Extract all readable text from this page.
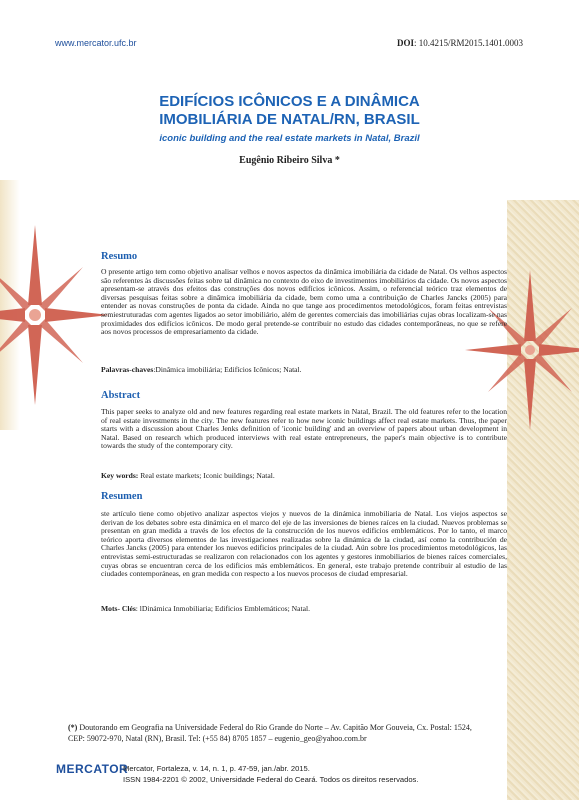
www.mercator.ufc.br	DOI: 10.4215/RM2015.1401.0003
EDIFÍCIOS ICÔNICOS E A DINÂMICA
IMOBILIÁRIA DE NATAL/RN, BRASIL
iconic building and the real estate markets in Natal, Brazil
Eugênio Ribeiro Silva *
Resumo

O presente artigo tem como objetivo analisar velhos e novos aspectos da dinâmica imobiliária da cidade de Natal. Os velhos aspectos são referentes às discussões feitas sobre tal dinâmica no contexto do eixo de investimentos imobiliários da cidade. Os novos aspectos apresentam-se através dos efeitos das construções dos novos edifícios icônicos. Assim, o referencial teórico traz elementos de diversas pesquisas feitas sobre a dinâmica imobiliária da cidade, bem como uma a contribuição de Charles Jancks (2005) para entender as novas construções de ponta da cidade. Ainda no que tange aos procedimentos metodológicos, foram feitas entrevistas semiestruturadas com agentes ligados ao setor imobiliário, além de gerentes comerciais das imobiliárias cujas obras localizam-se nas proximidades dos edifícios icônicos. De modo geral pretende-se contribuir no estudo das cidades contemporâneas, no que se refere aos novos processos de empresariamento da cidade.

Palavras-chaves:Dinâmica imobiliária; Edifícios Icônicos; Natal.
Abstract

This paper seeks to analyze old and new features regarding real estate markets in Natal, Brazil. The old features refer to the location of real estate investments in the city. The new features refer to how new iconic buildings affect real estate markets. Thus, the paper starts with a discussion about Charles Jenks definition of 'iconic building' and an overview of papers about urban development in Natal. Based on research which produced interviews with real estate entrepreneurs, the paper's main objective is to contribute towards the study of the contemporary city.

Key words: Real estate markets; Iconic buildings; Natal.
Resumen

ste artículo tiene como objetivo analizar aspectos viejos y nuevos de la dinámica inmobiliaria de Natal. Los viejos aspectos se derivan de los debates sobre esta dinámica en el marco del eje de las inversiones de bienes raíces en la ciudad. Nuevos problemas se presentan en gran medida a través de los efectos de la construcción de los nuevos edificios emblemáticos. Por lo tanto, el marco teórico aporta diversos elementos de las investigaciones realizadas sobre la dinámica de la ciudad, así como la contribución de Charles Jancks (2005) para entender los nuevos edificios principales de la ciudad. Aún sobre los procedimientos metodológicos, las entrevistas semi-estructuradas se realizaron con relacionados con los agentes y gestores inmobiliarios de bienes raíces comerciales, cuyas obras se encuentran cerca de los edificios más emblemáticos. En general, este trabajo pretende contribuir al estudio de las ciudades contemporáneas, en gran medida con respecto a los nuevos procesos de ciudad empresarial.

Mots- Clés: lDinámica Inmobiliaria; Edificios Emblemáticos; Natal.
(*) Doutorando em Geografia na Universidade Federal do Rio Grande do Norte – Av. Capitão Mor Gouveia, Cx. Postal: 1524,
CEP: 59072-970, Natal (RN), Brasil. Tel: (+55 84) 8705 1857 – eugenio_geo@yahoo.com.br
MERCATOR
Mercator, Fortaleza, v. 14, n. 1, p. 47-59, jan./abr. 2015.
ISSN 1984-2201 © 2002, Universidade Federal do Ceará. Todos os direitos reservados.
